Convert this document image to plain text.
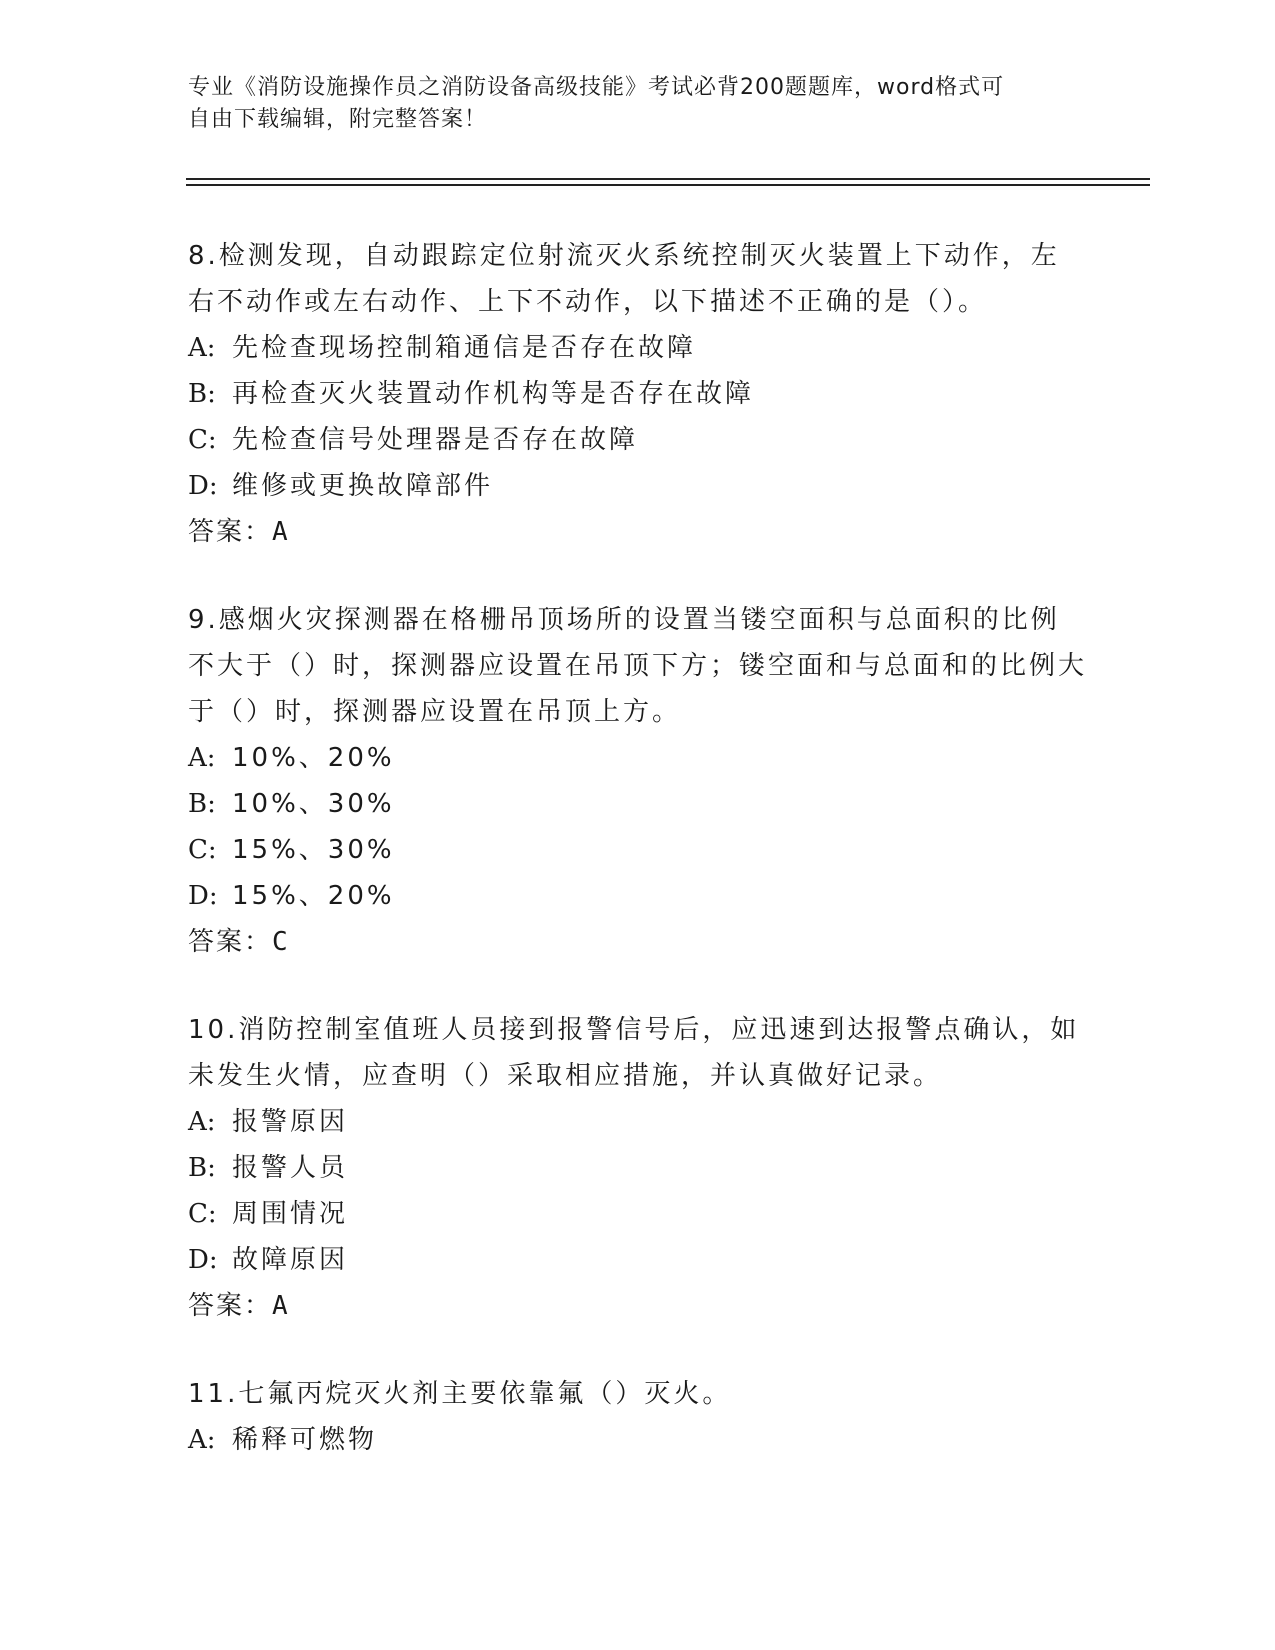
专业《消防设施操作员之消防设备高级技能》考试必背200题题库，word格式可
自由下载编辑，附完整答案！
8.检测发现，自动跟踪定位射流灭火系统控制灭火装置上下动作，左右不动作或左右动作、上下不动作，以下描述不正确的是（）。
A: 先检查现场控制箱通信是否存在故障
B: 再检查灭火装置动作机构等是否存在故障
C: 先检查信号处理器是否存在故障
D: 维修或更换故障部件
答案：A
9.感烟火灾探测器在格栅吊顶场所的设置当镂空面积与总面积的比例不大于（）时，探测器应设置在吊顶下方；镂空面和与总面和的比例大于（）时，探测器应设置在吊顶上方。
A: 10%、20%
B: 10%、30%
C: 15%、30%
D: 15%、20%
答案：C
10.消防控制室值班人员接到报警信号后，应迅速到达报警点确认，如未发生火情，应查明（）采取相应措施，并认真做好记录。
A: 报警原因
B: 报警人员
C: 周围情况
D: 故障原因
答案：A
11.七氟丙烷灭火剂主要依靠氟（）灭火。
A: 稀释可燃物
